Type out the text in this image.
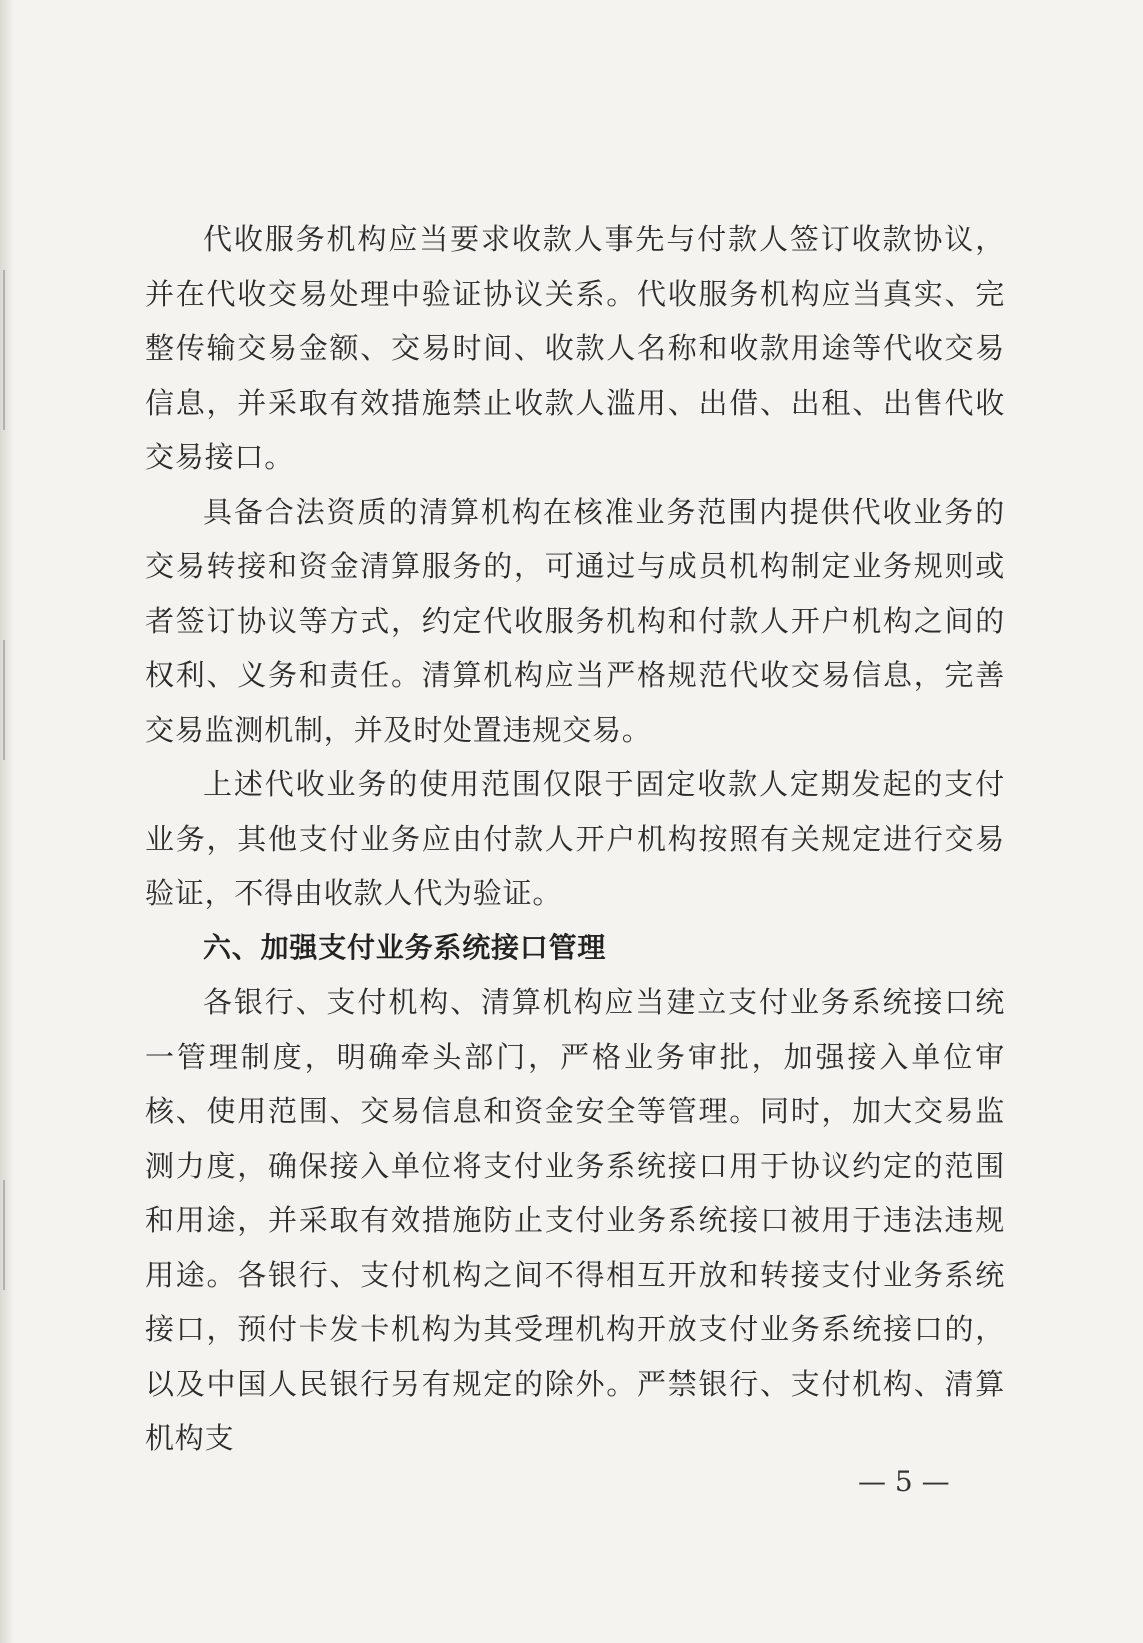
代收服务机构应当要求收款人事先与付款人签订收款协议，并在代收交易处理中验证协议关系。代收服务机构应当真实、完整传输交易金额、交易时间、收款人名称和收款用途等代收交易信息，并采取有效措施禁止收款人滥用、出借、出租、出售代收交易接口。

具备合法资质的清算机构在核准业务范围内提供代收业务的交易转接和资金清算服务的，可通过与成员机构制定业务规则或者签订协议等方式，约定代收服务机构和付款人开户机构之间的权利、义务和责任。清算机构应当严格规范代收交易信息，完善交易监测机制，并及时处置违规交易。

上述代收业务的使用范围仅限于固定收款人定期发起的支付业务，其他支付业务应由付款人开户机构按照有关规定进行交易验证，不得由收款人代为验证。

六、加强支付业务系统接口管理

各银行、支付机构、清算机构应当建立支付业务系统接口统一管理制度，明确牵头部门，严格业务审批，加强接入单位审核、使用范围、交易信息和资金安全等管理。同时，加大交易监测力度，确保接入单位将支付业务系统接口用于协议约定的范围和用途，并采取有效措施防止支付业务系统接口被用于违法违规用途。各银行、支付机构之间不得相互开放和转接支付业务系统接口，预付卡发卡机构为其受理机构开放支付业务系统接口的，以及中国人民银行另有规定的除外。严禁银行、支付机构、清算机构支

— 5 —
